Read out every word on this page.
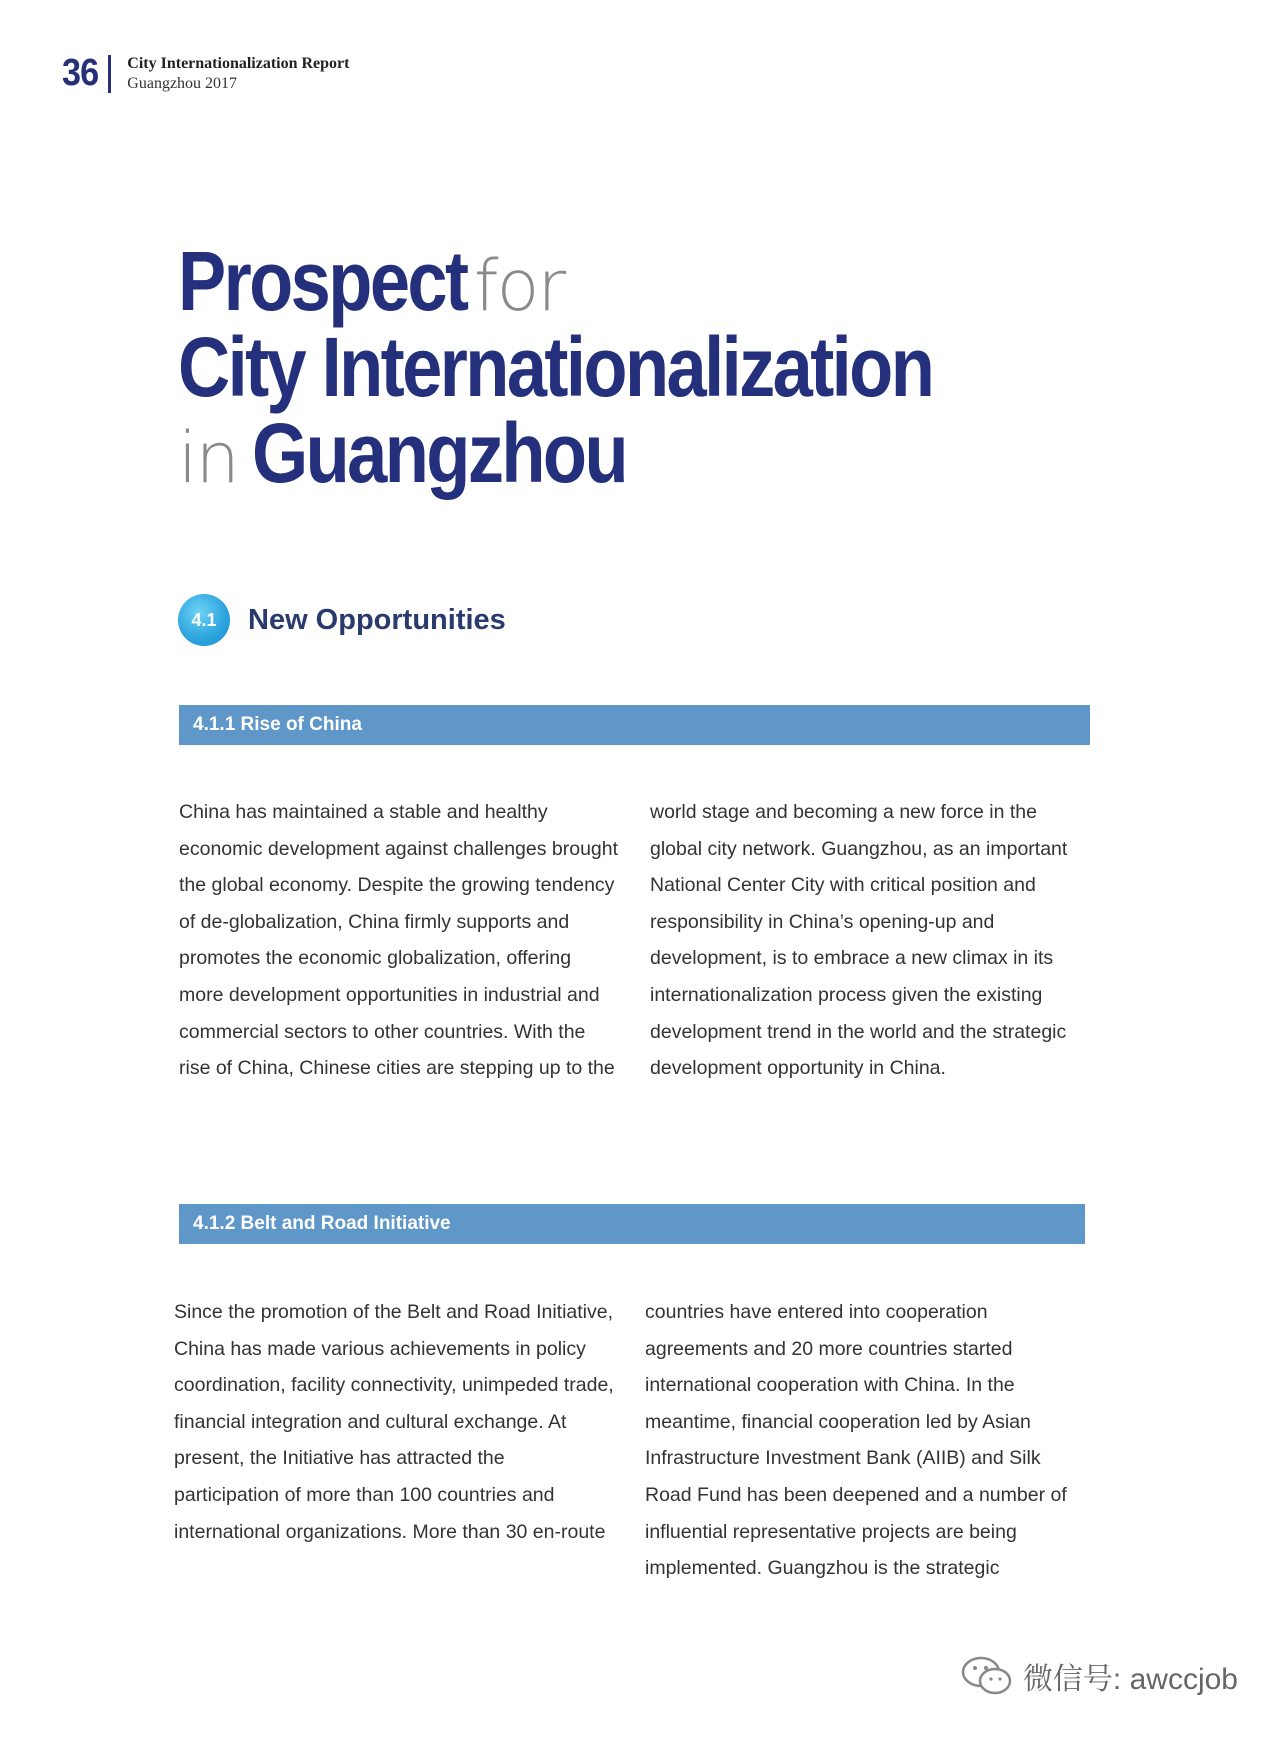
36 City Internationalization Report
Guangzhou 2017
Prospect for
City Internationalization
in Guangzhou
4.1	New Opportunities
4.1.1 Rise of China

China has maintained a stable and healthy economic development against challenges brought the global economy. Despite the growing tendency of de-globalization, China firmly supports and promotes the economic globalization, offering more development opportunities in industrial and commercial sectors to other countries. With the rise of China, Chinese cities are stepping up to the

world stage and becoming a new force in the global city network. Guangzhou, as an important National Center City with critical position and responsibility in China’s opening-up and development, is to embrace a new climax in its internationalization process given the existing development trend in the world and the strategic development opportunity in China.

4.1.2 Belt and Road Initiative

Since the promotion of the Belt and Road Initiative, China has made various achievements in policy coordination, facility connectivity, unimpeded trade, financial integration and cultural exchange. At present, the Initiative has attracted the participation of more than 100 countries and international organizations. More than 30 en-route

countries have entered into cooperation agreements and 20 more countries started international cooperation with China. In the meantime, financial cooperation led by Asian Infrastructure Investment Bank (AIIB) and Silk Road Fund has been deepened and a number of influential representative projects are being implemented. Guangzhou is the strategic

微信号: awccjob
